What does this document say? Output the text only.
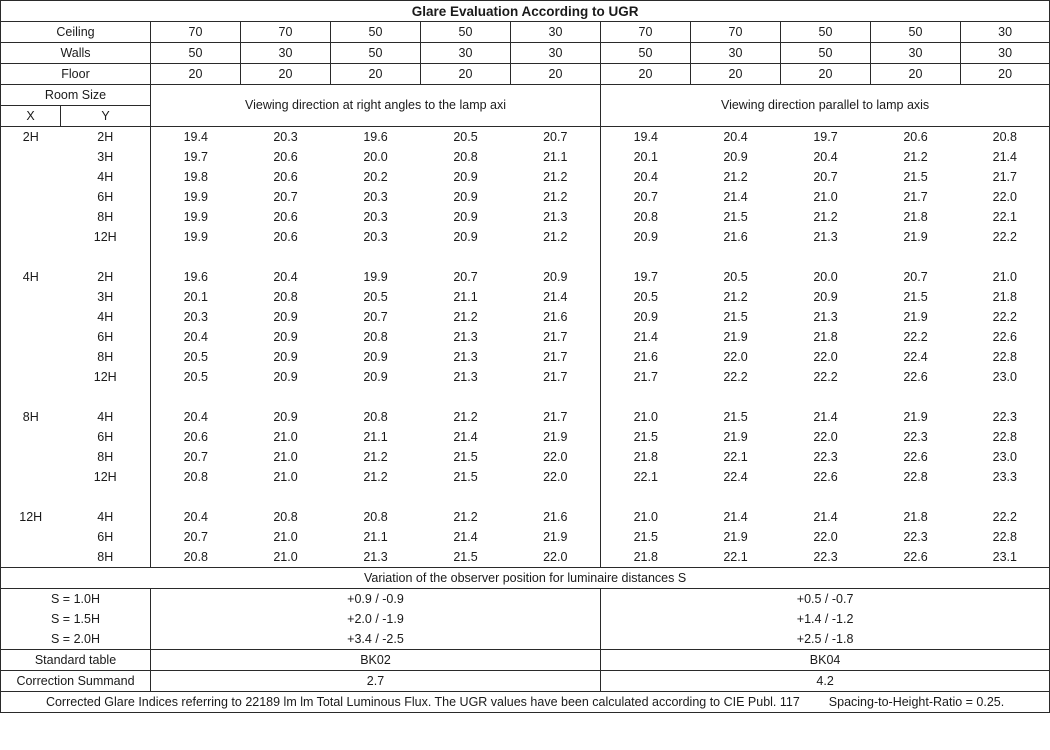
Glare Evaluation According to UGR											
Ceiling		70	70	50	50	30	70	70	50	50	30
Walls		50	30	50	30	30	50	30	50	30	30
Floor		20	20	20	20	20	20	20	20	20	20
Room Size		Viewing direction at right angles to the lamp axi					Viewing direction parallel to lamp axis				
X	Y										
2H	2H	19.4	20.3	19.6	20.5	20.7	19.4	20.4	19.7	20.6	20.8
	3H	19.7	20.6	20.0	20.8	21.1	20.1	20.9	20.4	21.2	21.4
	4H	19.8	20.6	20.2	20.9	21.2	20.4	21.2	20.7	21.5	21.7
	6H	19.9	20.7	20.3	20.9	21.2	20.7	21.4	21.0	21.7	22.0
	8H	19.9	20.6	20.3	20.9	21.3	20.8	21.5	21.2	21.8	22.1
	12H	19.9	20.6	20.3	20.9	21.2	20.9	21.6	21.3	21.9	22.2

4H	2H	19.6	20.4	19.9	20.7	20.9	19.7	20.5	20.0	20.7	21.0
	3H	20.1	20.8	20.5	21.1	21.4	20.5	21.2	20.9	21.5	21.8
	4H	20.3	20.9	20.7	21.2	21.6	20.9	21.5	21.3	21.9	22.2
	6H	20.4	20.9	20.8	21.3	21.7	21.4	21.9	21.8	22.2	22.6
	8H	20.5	20.9	20.9	21.3	21.7	21.6	22.0	22.0	22.4	22.8
	12H	20.5	20.9	20.9	21.3	21.7	21.7	22.2	22.2	22.6	23.0

8H	4H	20.4	20.9	20.8	21.2	21.7	21.0	21.5	21.4	21.9	22.3
	6H	20.6	21.0	21.1	21.4	21.9	21.5	21.9	22.0	22.3	22.8
	8H	20.7	21.0	21.2	21.5	22.0	21.8	22.1	22.3	22.6	23.0
	12H	20.8	21.0	21.2	21.5	22.0	22.1	22.4	22.6	22.8	23.3

12H	4H	20.4	20.8	20.8	21.2	21.6	21.0	21.4	21.4	21.8	22.2
	6H	20.7	21.0	21.1	21.4	21.9	21.5	21.9	22.0	22.3	22.8
	8H	20.8	21.0	21.3	21.5	22.0	21.8	22.1	22.3	22.6	23.1
Variation of the observer position for luminaire distances S											
S = 1.0H		+0.9 / -0.9					+0.5 / -0.7				
S = 1.5H		+2.0 / -1.9					+1.4 / -1.2				
S = 2.0H		+3.4 / -2.5					+2.5 / -1.8				
Standard table		BK02					BK04				
Correction Summand		2.7					4.2				
Corrected Glare Indices referring to 22189 lm lm Total Luminous Flux. The UGR values have been calculated according to CIE Publ. 117 Spacing-to-Height-Ratio = 0.25.											
